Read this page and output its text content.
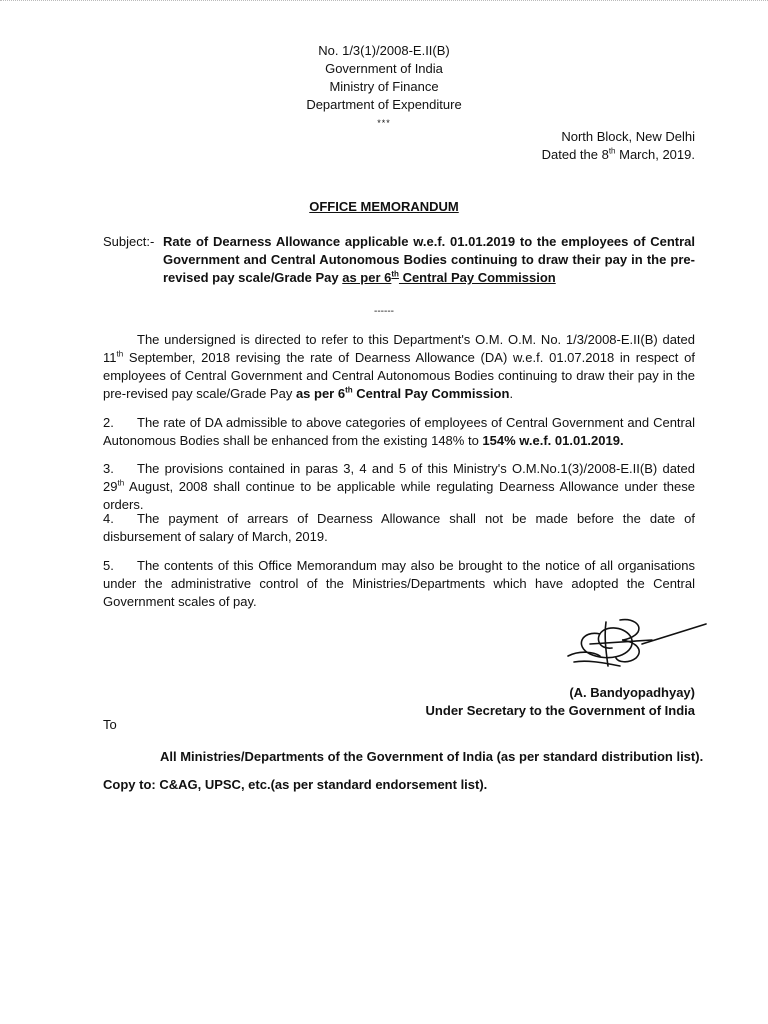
No. 1/3(1)/2008-E.II(B)
Government of India
Ministry of Finance
Department of Expenditure
***
North Block, New Delhi
Dated the 8th March, 2019.
OFFICE MEMORANDUM
Subject:- Rate of Dearness Allowance applicable w.e.f. 01.01.2019 to the employees of Central Government and Central Autonomous Bodies continuing to draw their pay in the pre-revised pay scale/Grade Pay as per 6th Central Pay Commission
------
The undersigned is directed to refer to this Department's O.M. O.M. No. 1/3/2008-E.II(B) dated 11th September, 2018 revising the rate of Dearness Allowance (DA) w.e.f. 01.07.2018 in respect of employees of Central Government and Central Autonomous Bodies continuing to draw their pay in the pre-revised pay scale/Grade Pay as per 6th Central Pay Commission.
2. The rate of DA admissible to above categories of employees of Central Government and Central Autonomous Bodies shall be enhanced from the existing 148% to 154% w.e.f. 01.01.2019.
3. The provisions contained in paras 3, 4 and 5 of this Ministry's O.M.No.1(3)/2008-E.II(B) dated 29th August, 2008 shall continue to be applicable while regulating Dearness Allowance under these orders.
4. The payment of arrears of Dearness Allowance shall not be made before the date of disbursement of salary of March, 2019.
5. The contents of this Office Memorandum may also be brought to the notice of all organisations under the administrative control of the Ministries/Departments which have adopted the Central Government scales of pay.
(A. Bandyopadhyay)
Under Secretary to the Government of India
To
All Ministries/Departments of the Government of India (as per standard distribution list).
Copy to: C&AG, UPSC, etc.(as per standard endorsement list).
